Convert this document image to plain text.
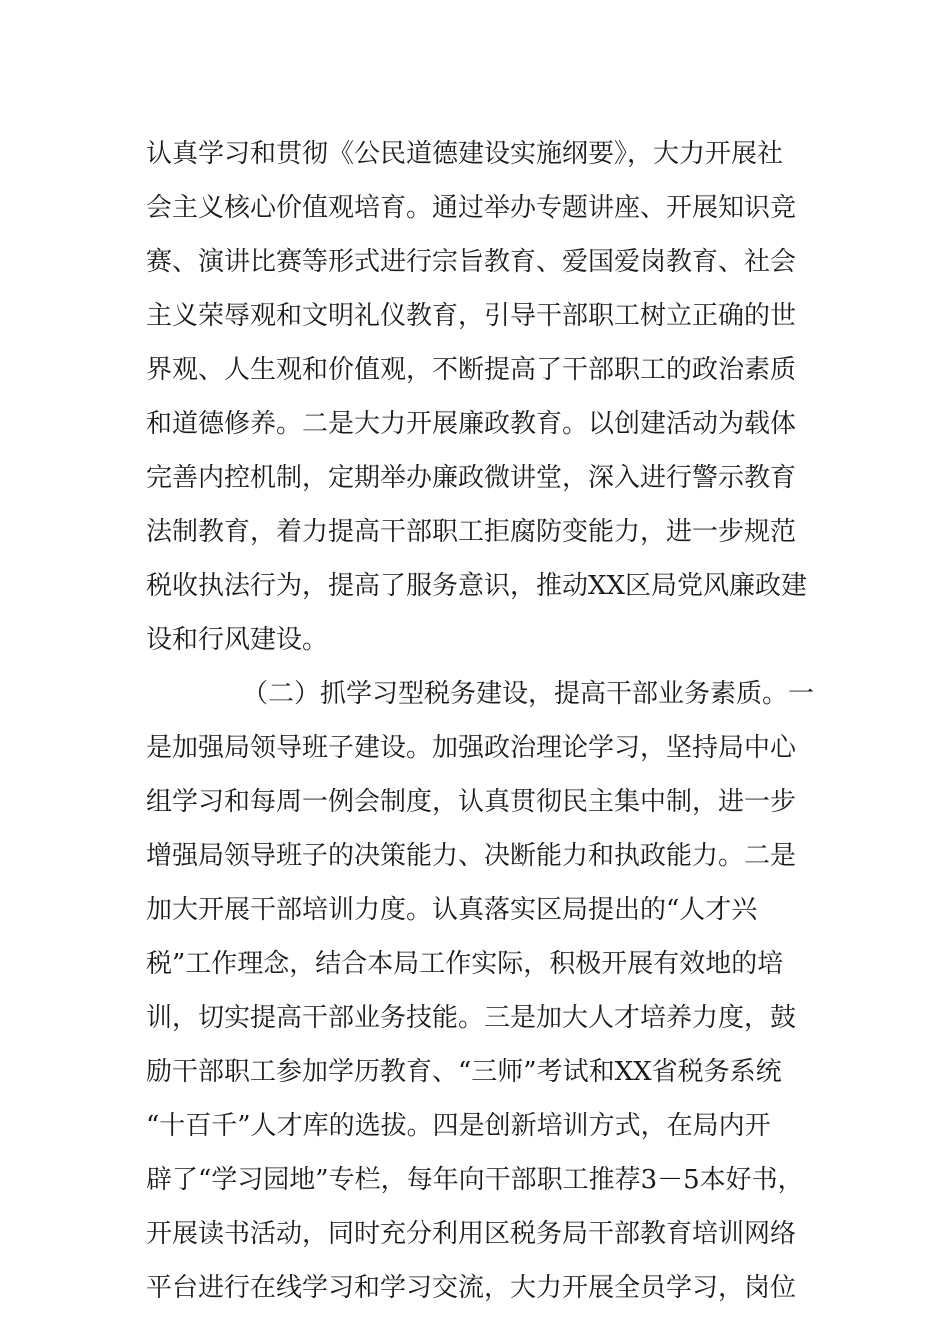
认真学习和贯彻《公民道德建设实施纲要》，大力开展社
会主义核心价值观培育。通过举办专题讲座、开展知识竞
赛、演讲比赛等形式进行宗旨教育、爱国爱岗教育、社会
主义荣辱观和文明礼仪教育，引导干部职工树立正确的世
界观、人生观和价值观，不断提高了干部职工的政治素质
和道德修养。二是大力开展廉政教育。以创建活动为载体
完善内控机制，定期举办廉政微讲堂，深入进行警示教育
法制教育，着力提高干部职工拒腐防变能力，进一步规范
税收执法行为，提高了服务意识，推动XX区局党风廉政建
设和行风建设。
（二）抓学习型税务建设，提高干部业务素质。一
是加强局领导班子建设。加强政治理论学习，坚持局中心
组学习和每周一例会制度，认真贯彻民主集中制，进一步
增强局领导班子的决策能力、决断能力和执政能力。二是
加大开展干部培训力度。认真落实区局提出的“人才兴
税”工作理念，结合本局工作实际，积极开展有效地的培
训，切实提高干部业务技能。三是加大人才培养力度，鼓
励干部职工参加学历教育、“三师”考试和XX省税务系统
“十百千”人才库的选拔。四是创新培训方式，在局内开
辟了“学习园地”专栏，每年向干部职工推荐3－5本好书，
开展读书活动，同时充分利用区税务局干部教育培训网络
平台进行在线学习和学习交流，大力开展全员学习，岗位
